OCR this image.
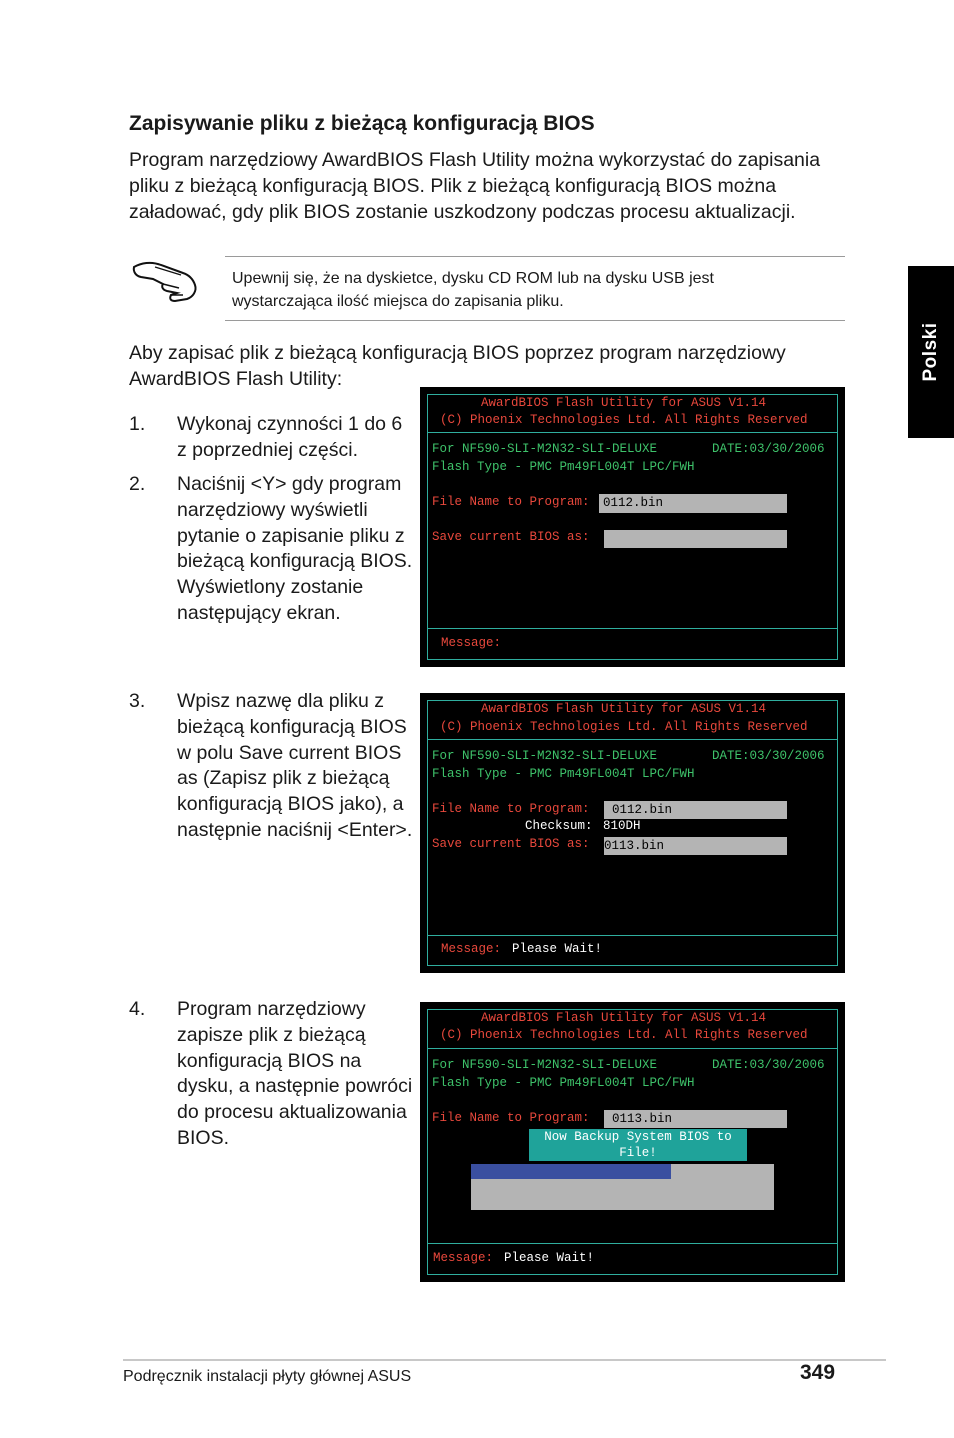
Zapisywanie pliku z bieżącą konfiguracją BIOS
Program narzędziowy AwardBIOS Flash Utility można wykorzystać do zapisania
pliku z bieżącą konfiguracją BIOS. Plik z bieżącą konfiguracją BIOS można
załadować, gdy plik BIOS zostanie uszkodzony podczas procesu aktualizacji.
Upewnij się, że na dyskietce, dysku CD ROM lub na dysku USB jest
wystarczająca ilość miejsca do zapisania pliku.
Aby zapisać plik z bieżącą konfiguracją BIOS poprzez program narzędziowy
AwardBIOS Flash Utility:
1. Wykonaj czynności 1 do 6
z poprzedniej części.
2. Naciśnij <Y> gdy program
narzędziowy wyświetli
pytanie o zapisanie pliku z
bieżącą konfiguracją BIOS.
Wyświetlony zostanie
następujący ekran.
3. Wpisz nazwę dla pliku z
bieżącą konfiguracją BIOS
w polu Save current BIOS
as (Zapisz plik z bieżącą
konfiguracją BIOS jako), a
następnie naciśnij <Enter>.
4. Program narzędziowy
zapisze plik z bieżącą
konfiguracją BIOS na
dysku, a następnie powróci
do procesu aktualizowania
BIOS.
AwardBIOS Flash Utility for ASUS V1.14
(C) Phoenix Technologies Ltd. All Rights Reserved
For NF590-SLI-M2N32-SLI-DELUXE	DATE:03/30/2006
Flash Type - PMC Pm49FL004T LPC/FWH
File Name to Program: 0112.bin
Save current BIOS as:
Message:
AwardBIOS Flash Utility for ASUS V1.14
(C) Phoenix Technologies Ltd. All Rights Reserved
For NF590-SLI-M2N32-SLI-DELUXE	DATE:03/30/2006
Flash Type - PMC Pm49FL004T LPC/FWH
File Name to Program: 0112.bin
Checksum: 810DH
Save current BIOS as: 0113.bin
Message: Please Wait!
AwardBIOS Flash Utility for ASUS V1.14
(C) Phoenix Technologies Ltd. All Rights Reserved
For NF590-SLI-M2N32-SLI-DELUXE	DATE:03/30/2006
Flash Type - PMC Pm49FL004T LPC/FWH
File Name to Program: 0113.bin
Now Backup System BIOS to
File!
Message: Please Wait!
Polski
Podręcznik instalacji płyty głównej ASUS	349
